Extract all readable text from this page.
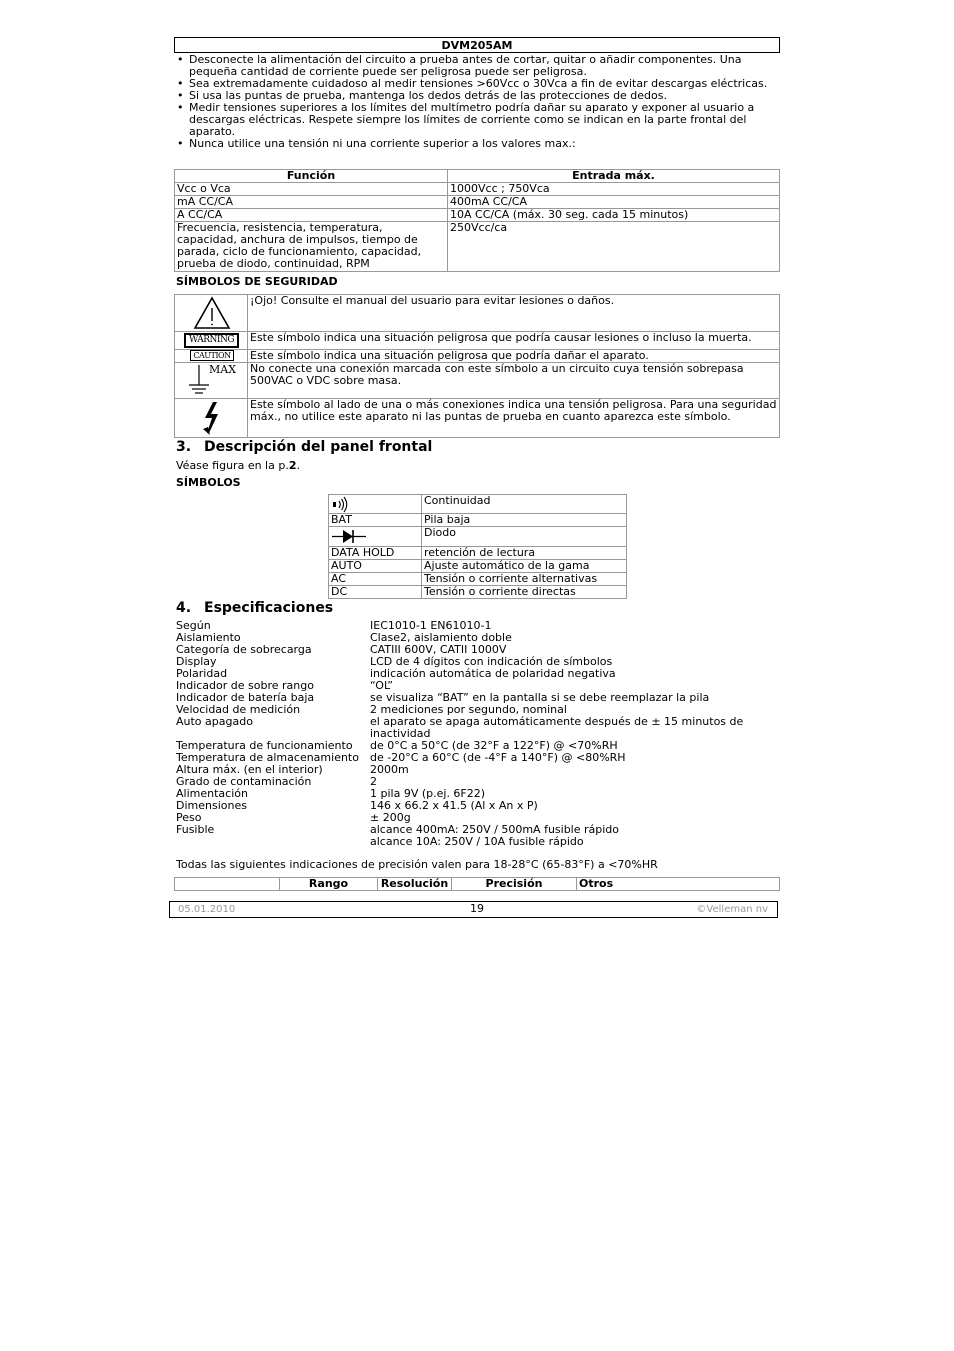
DVM205AM
• Desconecte la alimentación del circuito a prueba antes de cortar, quitar o añadir componentes. Una pequeña cantidad de corriente puede ser peligrosa puede ser peligrosa.
• Sea extremadamente cuidadoso al medir tensiones >60Vcc o 30Vca a fin de evitar descargas eléctricas.
• Si usa las puntas de prueba, mantenga los dedos detrás de las protecciones de dedos.
• Medir tensiones superiores a los límites del multímetro podría dañar su aparato y exponer al usuario a descargas eléctricas. Respete siempre los límites de corriente como se indican en la parte frontal del aparato.
• Nunca utilice una tensión ni una corriente superior a los valores max.:
Función	Entrada máx.
Vcc o Vca	1000Vcc ; 750Vca
mA CC/CA	400mA CC/CA
A CC/CA	10A CC/CA (máx. 30 seg. cada 15 minutos)
Frecuencia, resistencia, temperatura, capacidad, anchura de impulsos, tiempo de parada, ciclo de funcionamiento, capacidad, prueba de diodo, continuidad, RPM	250Vcc/ca
SÍMBOLOS DE SEGURIDAD
	¡Ojo! Consulte el manual del usuario para evitar lesiones o daños.

WARNING	Este símbolo indica una situación peligrosa que podría causar lesiones o incluso la muerta.

CAUTION	Este símbolo indica una situación peligrosa que podría dañar el aparato.

MAX	No conecte una conexión marcada con este símbolo a un circuito cuya tensión sobrepasa 500VAC o VDC sobre masa.

	Este símbolo al lado de una o más conexiones indica una tensión peligrosa. Para una seguridad máx., no utilice este aparato ni las puntas de prueba en cuanto aparezca este símbolo.
3. Descripción del panel frontal
Véase figura en la p.2.
SÍMBOLOS
	Continuidad
BAT	Pila baja

	Diodo
DATA HOLD	retención de lectura
AUTO	Ajuste automático de la gama
AC	Tensión o corriente alternativas
DC	Tensión o corriente directas
4. Especificaciones
Según	IEC1010-1 EN61010-1
Aislamiento	Clase2, aislamiento doble
Categoría de sobrecarga	CATIII 600V, CATII 1000V
Display	LCD de 4 dígitos con indicación de símbolos
Polaridad	indicación automática de polaridad negativa
Indicador de sobre rango	“OL”
Indicador de batería baja	se visualiza “BAT” en la pantalla si se debe reemplazar la pila
Velocidad de medición	2 mediciones por segundo, nominal
Auto apagado	el aparato se apaga automáticamente después de ± 15 minutos de inactividad
Temperatura de funcionamiento	de 0°C a 50°C (de 32°F a 122°F) @ <70%RH
Temperatura de almacenamiento	de -20°C a 60°C (de -4°F a 140°F) @ <80%RH
Altura máx. (en el interior)	2000m
Grado de contaminación	2
Alimentación	1 pila 9V (p.ej. 6F22)
Dimensiones	146 x 66.2 x 41.5 (Al x An x P)
Peso	± 200g
Fusible	alcance 400mA: 250V / 500mA fusible rápido
alcance 10A: 250V / 10A fusible rápido
Todas las siguientes indicaciones de precisión valen para 18-28°C (65-83°F) a <70%HR
	Rango	Resolución	Precisión	Otros
05.01.2010	19	©Velleman nv
